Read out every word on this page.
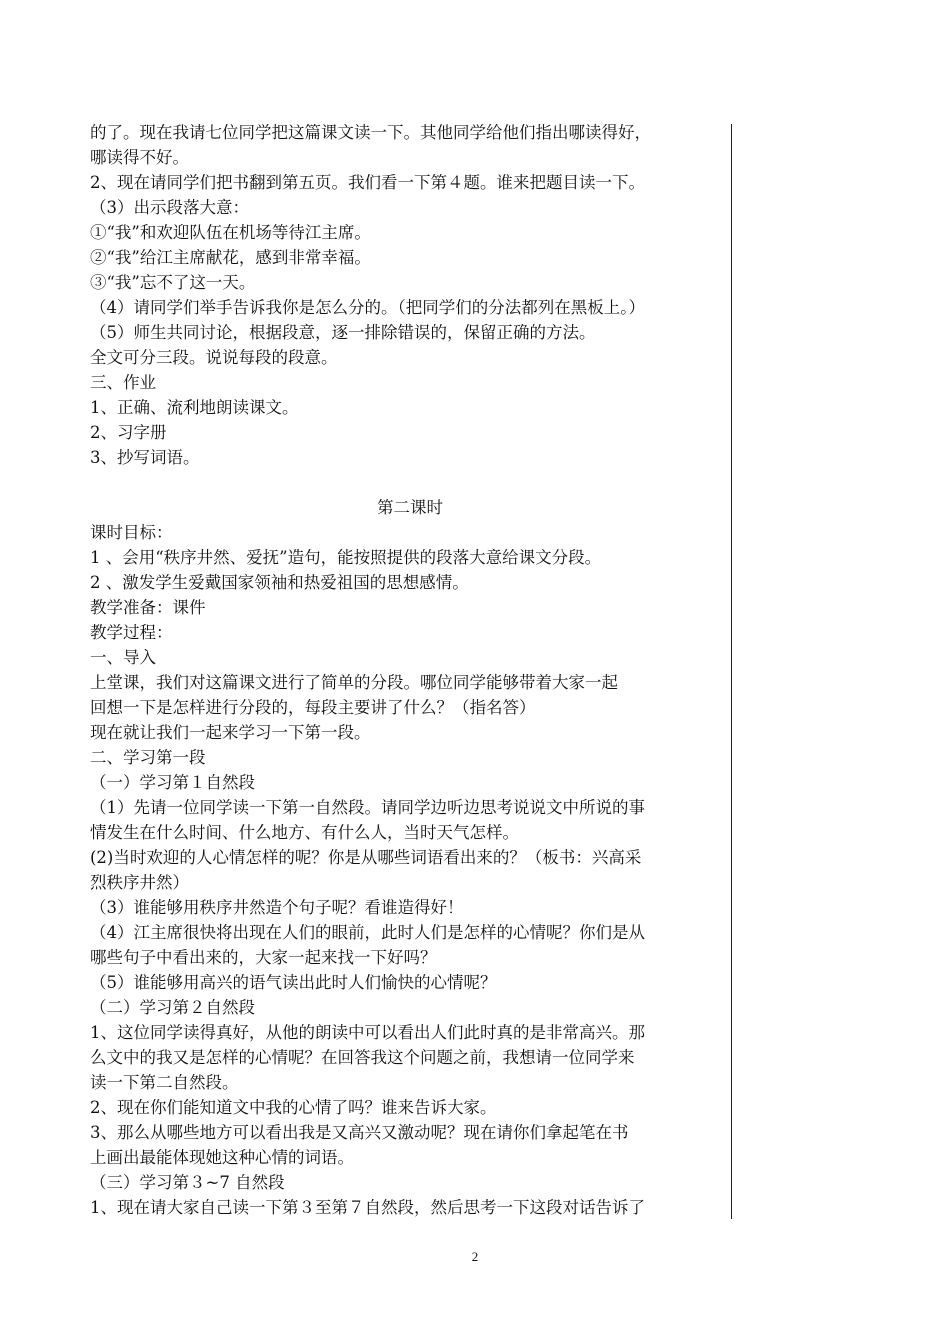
的了。现在我请七位同学把这篇课文读一下。其他同学给他们指出哪读得好，
哪读得不好。
2、现在请同学们把书翻到第五页。我们看一下第４题。谁来把题目读一下。
（3）出示段落大意：
①“我”和欢迎队伍在机场等待江主席。
②“我”给江主席献花，感到非常幸福。
③“我”忘不了这一天。
（4）请同学们举手告诉我你是怎么分的。（把同学们的分法都列在黑板上。）
（5）师生共同讨论，根据段意，逐一排除错误的，保留正确的方法。
全文可分三段。说说每段的段意。
三、作业
1、正确、流利地朗读课文。
2、习字册
3、抄写词语。
第二课时
课时目标：
1 、会用“秩序井然、爱抚”造句，能按照提供的段落大意给课文分段。
2 、激发学生爱戴国家领袖和热爱祖国的思想感情。
教学准备：课件
教学过程：
一、导入
上堂课，我们对这篇课文进行了简单的分段。哪位同学能够带着大家一起
回想一下是怎样进行分段的，每段主要讲了什么？（指名答）
现在就让我们一起来学习一下第一段。
二、学习第一段
（一）学习第１自然段
（1）先请一位同学读一下第一自然段。请同学边听边思考说说文中所说的事
情发生在什么时间、什么地方、有什么人，当时天气怎样。
(2)当时欢迎的人心情怎样的呢？你是从哪些词语看出来的？（板书：兴高采
烈秩序井然）
（3）谁能够用秩序井然造个句子呢？看谁造得好！
（4）江主席很快将出现在人们的眼前，此时人们是怎样的心情呢？你们是从
哪些句子中看出来的，大家一起来找一下好吗？
（5）谁能够用高兴的语气读出此时人们愉快的心情呢？
（二）学习第２自然段
1、这位同学读得真好，从他的朗读中可以看出人们此时真的是非常高兴。那
么文中的我又是怎样的心情呢？在回答我这个问题之前，我想请一位同学来
读一下第二自然段。
2、现在你们能知道文中我的心情了吗？谁来告诉大家。
3、那么从哪些地方可以看出我是又高兴又激动呢？现在请你们拿起笔在书
上画出最能体现她这种心情的词语。
（三）学习第３~7 自然段
1、现在请大家自己读一下第３至第７自然段，然后思考一下这段对话告诉了
2
